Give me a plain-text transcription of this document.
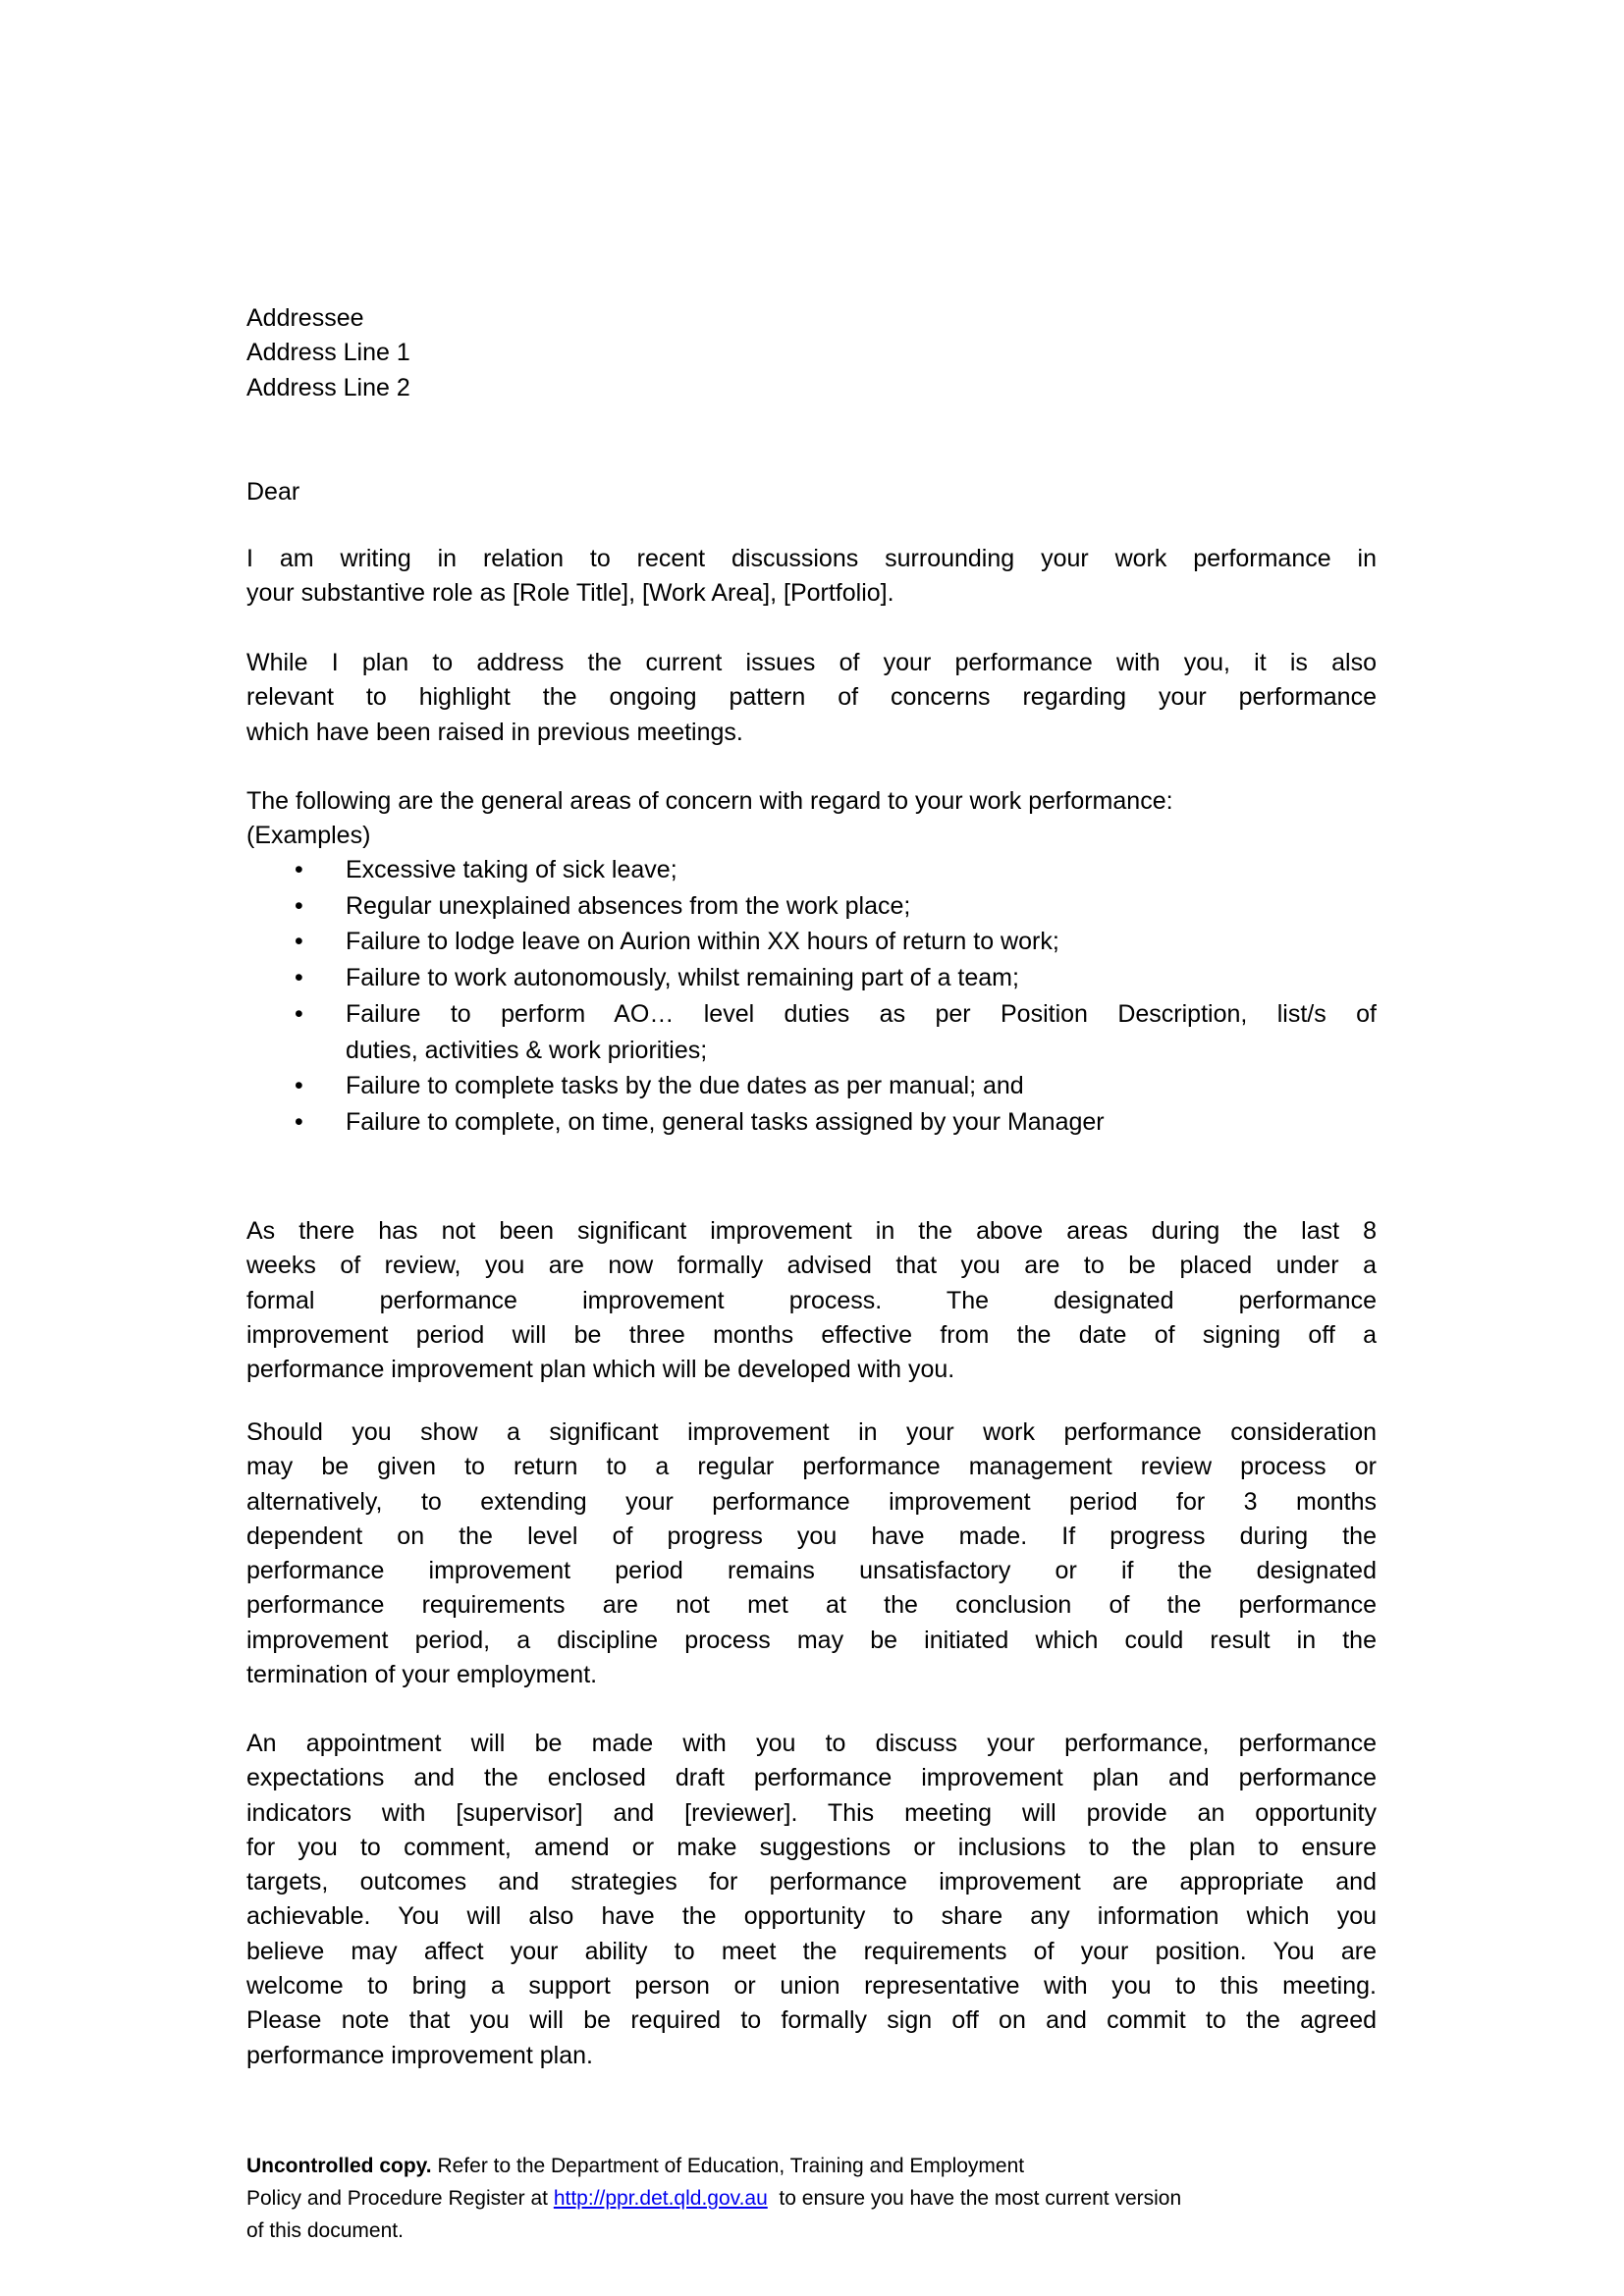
Addressee
Address Line 1
Address Line 2
Dear
I am writing in relation to recent discussions surrounding your work performance in
your substantive role as [Role Title], [Work Area], [Portfolio].
While I plan to address the current issues of your performance with you, it is also
relevant to highlight the ongoing pattern of concerns regarding your performance
which have been raised in previous meetings.
The following are the general areas of concern with regard to your work performance:
(Examples)
• Excessive taking of sick leave;
• Regular unexplained absences from the work place;
• Failure to lodge leave on Aurion within XX hours of return to work;
• Failure to work autonomously, whilst remaining part of a team;
• Failure to perform AO… level duties as per Position Description, list/s of
duties, activities & work priorities;
• Failure to complete tasks by the due dates as per manual; and
• Failure to complete, on time, general tasks assigned by your Manager
As there has not been significant improvement in the above areas during the last 8
weeks of review, you are now formally advised that you are to be placed under a
formal performance improvement process. The designated performance
improvement period will be three months effective from the date of signing off a
performance improvement plan which will be developed with you.
Should you show a significant improvement in your work performance consideration
may be given to return to a regular performance management review process or
alternatively, to extending your performance improvement period for 3 months
dependent on the level of progress you have made. If progress during the
performance improvement period remains unsatisfactory or if the designated
performance requirements are not met at the conclusion of the performance
improvement period, a discipline process may be initiated which could result in the
termination of your employment.
An appointment will be made with you to discuss your performance, performance
expectations and the enclosed draft performance improvement plan and performance
indicators with [supervisor] and [reviewer]. This meeting will provide an opportunity
for you to comment, amend or make suggestions or inclusions to the plan to ensure
targets, outcomes and strategies for performance improvement are appropriate and
achievable. You will also have the opportunity to share any information which you
believe may affect your ability to meet the requirements of your position. You are
welcome to bring a support person or union representative with you to this meeting.
Please note that you will be required to formally sign off on and commit to the agreed
performance improvement plan.
Uncontrolled copy. Refer to the Department of Education, Training and Employment
Policy and Procedure Register at http://ppr.det.qld.gov.au  to ensure you have the most current version
of this document.
